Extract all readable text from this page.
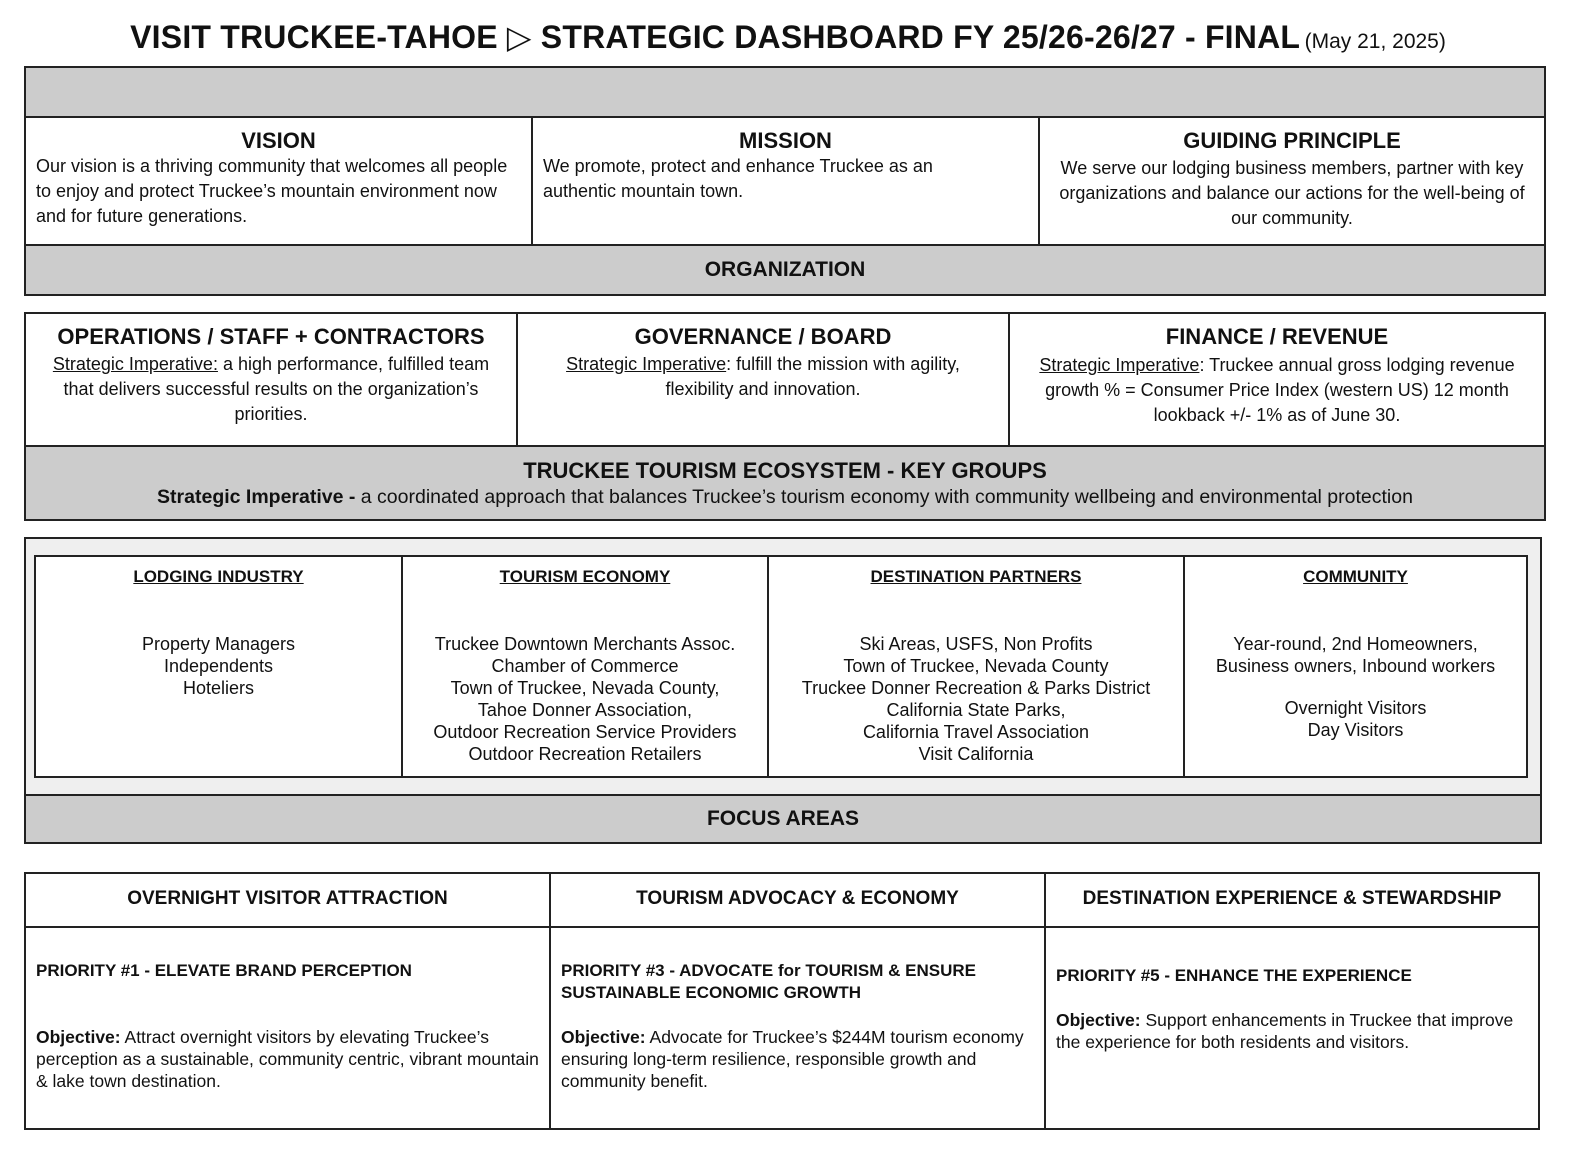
VISIT TRUCKEE-TAHOE ▷ STRATEGIC DASHBOARD FY 25/26-26/27 - FINAL (May 21, 2025)
VISION
Our vision is a thriving community that welcomes all people to enjoy and protect Truckee’s mountain environment now and for future generations.
MISSION
We promote, protect and enhance Truckee as an authentic mountain town.
GUIDING PRINCIPLE
We serve our lodging business members, partner with key organizations and balance our actions for the well-being of our community.
ORGANIZATION
OPERATIONS / STAFF + CONTRACTORS
Strategic Imperative: a high performance, fulfilled team that delivers successful results on the organization’s priorities.
GOVERNANCE / BOARD
Strategic Imperative: fulfill the mission with agility, flexibility and innovation.
FINANCE / REVENUE
Strategic Imperative: Truckee annual gross lodging revenue growth % = Consumer Price Index (western US) 12 month lookback +/- 1% as of June 30.
TRUCKEE TOURISM ECOSYSTEM - KEY GROUPS
Strategic Imperative - a coordinated approach that balances Truckee’s tourism economy with community wellbeing and environmental protection
LODGING INDUSTRY
Property Managers
Independents
Hoteliers
TOURISM ECONOMY
Truckee Downtown Merchants Assoc.
Chamber of Commerce
Town of Truckee, Nevada County,
Tahoe Donner Association,
Outdoor Recreation Service Providers
Outdoor Recreation Retailers
DESTINATION PARTNERS
Ski Areas, USFS, Non Profits
Town of Truckee, Nevada County
Truckee Donner Recreation & Parks District
California State Parks,
California Travel Association
Visit California
COMMUNITY
Year-round, 2nd Homeowners,
Business owners, Inbound workers
Overnight Visitors
Day Visitors
FOCUS AREAS
OVERNIGHT VISITOR ATTRACTION	TOURISM ADVOCACY & ECONOMY	DESTINATION EXPERIENCE & STEWARDSHIP
PRIORITY #1 - ELEVATE BRAND PERCEPTION
Objective: Attract overnight visitors by elevating Truckee’s perception as a sustainable, community centric, vibrant mountain & lake town destination.
PRIORITY #3 - ADVOCATE for TOURISM & ENSURE SUSTAINABLE ECONOMIC GROWTH
Objective: Advocate for Truckee’s $244M tourism economy ensuring long-term resilience, responsible growth and community benefit.
PRIORITY #5 - ENHANCE THE EXPERIENCE
Objective: Support enhancements in Truckee that improve the experience for both residents and visitors.
